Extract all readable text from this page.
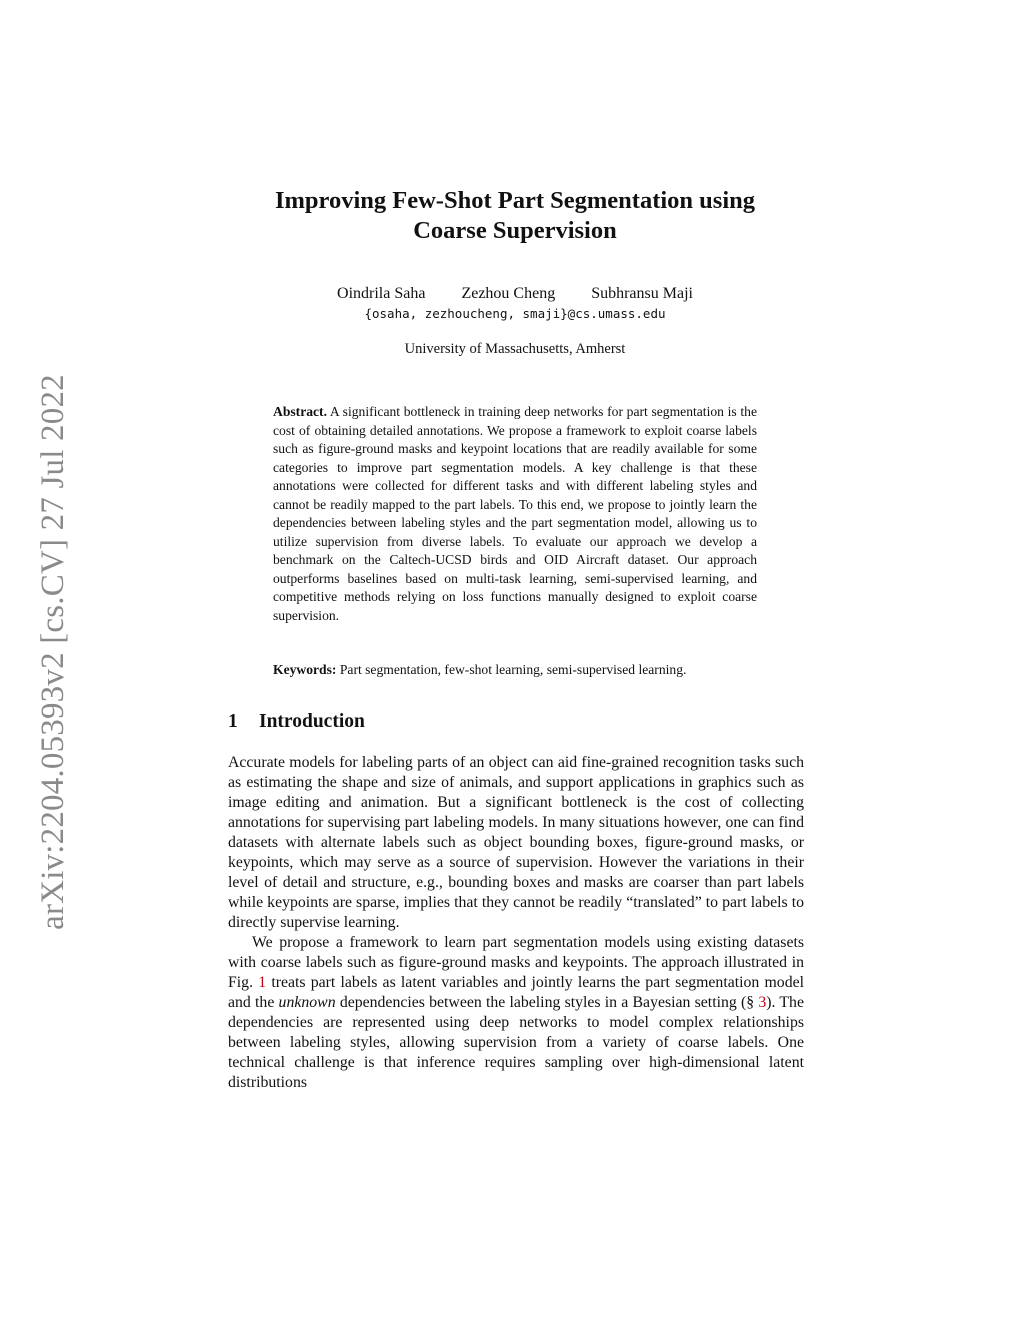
arXiv:2204.05393v2 [cs.CV] 27 Jul 2022
Improving Few-Shot Part Segmentation using
Coarse Supervision
Oindrila Saha Zezhou Cheng Subhransu Maji
{osaha, zezhoucheng, smaji}@cs.umass.edu
University of Massachusetts, Amherst
Abstract. A significant bottleneck in training deep networks for part segmentation is the cost of obtaining detailed annotations. We propose a framework to exploit coarse labels such as figure-ground masks and keypoint locations that are readily available for some categories to improve part segmentation models. A key challenge is that these annotations were collected for different tasks and with different labeling styles and cannot be readily mapped to the part labels. To this end, we propose to jointly learn the dependencies between labeling styles and the part segmentation model, allowing us to utilize supervision from diverse labels. To evaluate our approach we develop a benchmark on the Caltech-UCSD birds and OID Aircraft dataset. Our approach outperforms baselines based on multi-task learning, semi-supervised learning, and competitive methods relying on loss functions manually designed to exploit coarse supervision.
Keywords: Part segmentation, few-shot learning, semi-supervised learning.
1 Introduction

Accurate models for labeling parts of an object can aid fine-grained recognition tasks such as estimating the shape and size of animals, and support applications in graphics such as image editing and animation. But a significant bottleneck is the cost of collecting annotations for supervising part labeling models. In many situations however, one can find datasets with alternate labels such as object bounding boxes, figure-ground masks, or keypoints, which may serve as a source of supervision. However the variations in their level of detail and structure, e.g., bounding boxes and masks are coarser than part labels while keypoints are sparse, implies that they cannot be readily “translated” to part labels to directly supervise learning.

We propose a framework to learn part segmentation models using existing datasets with coarse labels such as figure-ground masks and keypoints. The approach illustrated in Fig. 1 treats part labels as latent variables and jointly learns the part segmentation model and the unknown dependencies between the labeling styles in a Bayesian setting (§ 3). The dependencies are represented using deep networks to model complex relationships between labeling styles, allowing supervision from a variety of coarse labels. One technical challenge is that inference requires sampling over high-dimensional latent distributions
